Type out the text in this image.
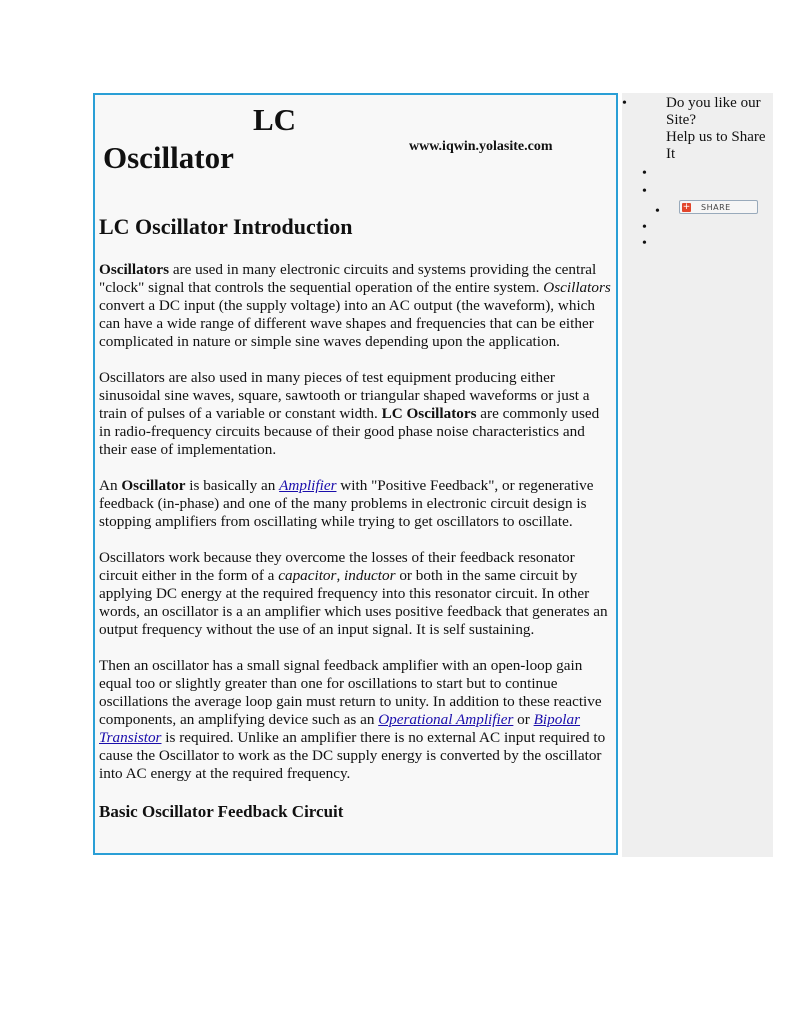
LC
Oscillator	www.iqwin.yolasite.com
LC Oscillator Introduction

Oscillators are used in many electronic circuits and systems providing the central "clock" signal that controls the sequential operation of the entire system. Oscillators convert a DC input (the supply voltage) into an AC output (the waveform), which can have a wide range of different wave shapes and frequencies that can be either complicated in nature or simple sine waves depending upon the application.

Oscillators are also used in many pieces of test equipment producing either sinusoidal sine waves, square, sawtooth or triangular shaped waveforms or just a train of pulses of a variable or constant width. LC Oscillators are commonly used in radio-frequency circuits because of their good phase noise characteristics and their ease of implementation.

An Oscillator is basically an Amplifier with "Positive Feedback", or regenerative feedback (in-phase) and one of the many problems in electronic circuit design is stopping amplifiers from oscillating while trying to get oscillators to oscillate.

Oscillators work because they overcome the losses of their feedback resonator circuit either in the form of a capacitor, inductor or both in the same circuit by applying DC energy at the required frequency into this resonator circuit. In other words, an oscillator is a an amplifier which uses positive feedback that generates an output frequency without the use of an input signal. It is self sustaining.

Then an oscillator has a small signal feedback amplifier with an open-loop gain equal too or slightly greater than one for oscillations to start but to continue oscillations the average loop gain must return to unity. In addition to these reactive components, an amplifying device such as an Operational Amplifier or Bipolar Transistor is required. Unlike an amplifier there is no external AC input required to cause the Oscillator to work as the DC supply energy is converted by the oscillator into AC energy at the required frequency.

Basic Oscillator Feedback Circuit
•	Do you like our Site?
Help us to Share It
•
•
•
•
•
+ SHARE
